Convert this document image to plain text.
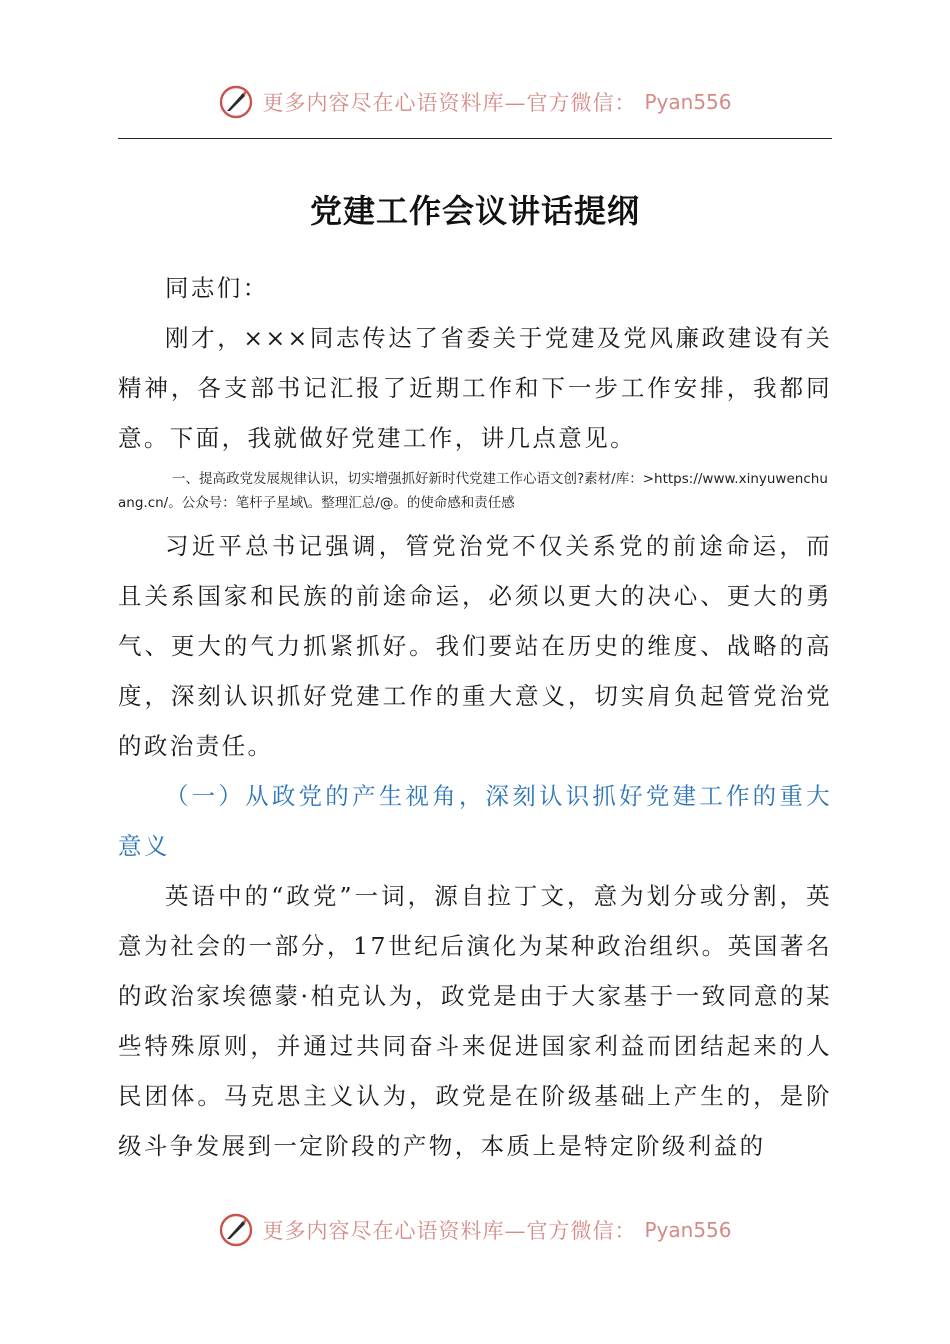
更多内容尽在心语资料库—官方微信： Pyan556
党建工作会议讲话提纲

同志们：

刚才，×××同志传达了省委关于党建及党风廉政建设有关精神，各支部书记汇报了近期工作和下一步工作安排，我都同意。下面，我就做好党建工作，讲几点意见。

一、提高政党发展规律认识，切实增强抓好新时代党建工作心语文创?素材/库：>https://www.xinyuwenchuang.cn/。公众号：笔杆子星域\。整理汇总/@。的使命感和责任感

习近平总书记强调，管党治党不仅关系党的前途命运，而且关系国家和民族的前途命运，必须以更大的决心、更大的勇气、更大的气力抓紧抓好。我们要站在历史的维度、战略的高度，深刻认识抓好党建工作的重大意义，切实肩负起管党治党的政治责任。

（一）从政党的产生视角，深刻认识抓好党建工作的重大意义

英语中的“政党”一词，源自拉丁文，意为划分或分割，英意为社会的一部分，17世纪后演化为某种政治组织。英国著名的政治家埃德蒙·柏克认为，政党是由于大家基于一致同意的某些特殊原则，并通过共同奋斗来促进国家利益而团结起来的人民团体。马克思主义认为，政党是在阶级基础上产生的，是阶级斗争发展到一定阶段的产物，本质上是特定阶级利益的

更多内容尽在心语资料库—官方微信： Pyan556
